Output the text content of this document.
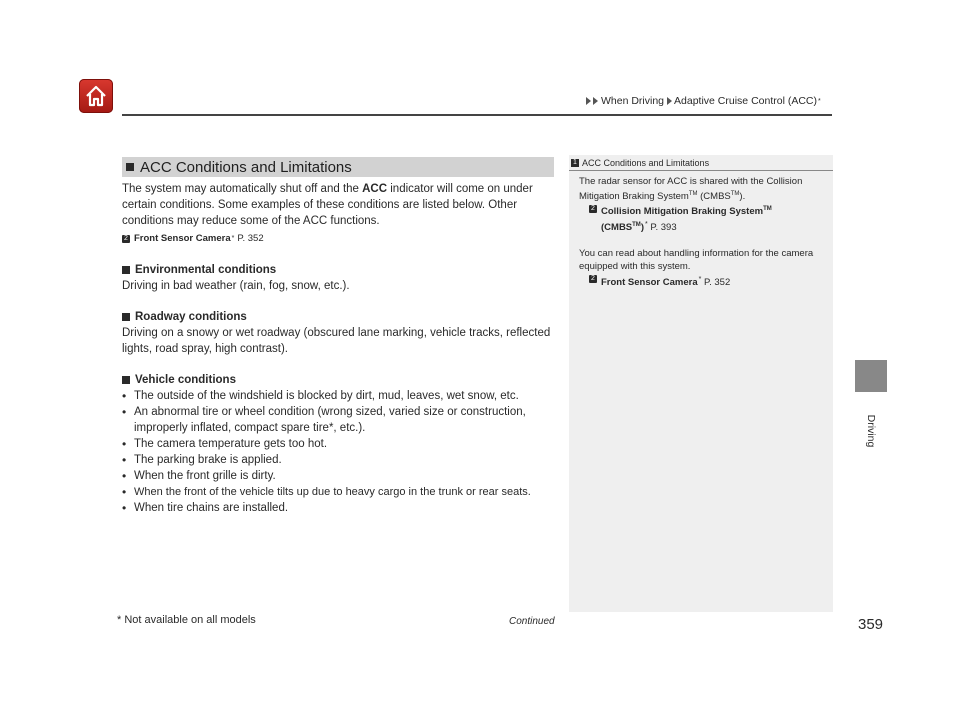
When Driving Adaptive Cruise Control (ACC) *
Driving
ACC Conditions and Limitations

The system may automatically shut off and the ACC indicator will come on under certain conditions. Some examples of these conditions are listed below. Other conditions may reduce some of the ACC functions.

2 Front Sensor Camera * P. 352
Environmental conditions

Driving in bad weather (rain, fog, snow, etc.).

Roadway conditions

Driving on a snowy or wet roadway (obscured lane marking, vehicle tracks, reflected lights, road spray, high contrast).

Vehicle conditions
• The outside of the windshield is blocked by dirt, mud, leaves, wet snow, etc.
• An abnormal tire or wheel condition (wrong sized, varied size or construction, improperly inflated, compact spare tire*, etc.).
• The camera temperature gets too hot.
• The parking brake is applied.
• When the front grille is dirty.
• When the front of the vehicle tilts up due to heavy cargo in the trunk or rear seats.
• When tire chains are installed.
1 ACC Conditions and Limitations

The radar sensor for ACC is shared with the Collision Mitigation Braking System™ (CMBS™).

2 Collision Mitigation Braking System™
(CMBS™)* P. 393

You can read about handling information for the camera equipped with this system.

2 Front Sensor Camera* P. 352
* Not available on all models	Continued	359
